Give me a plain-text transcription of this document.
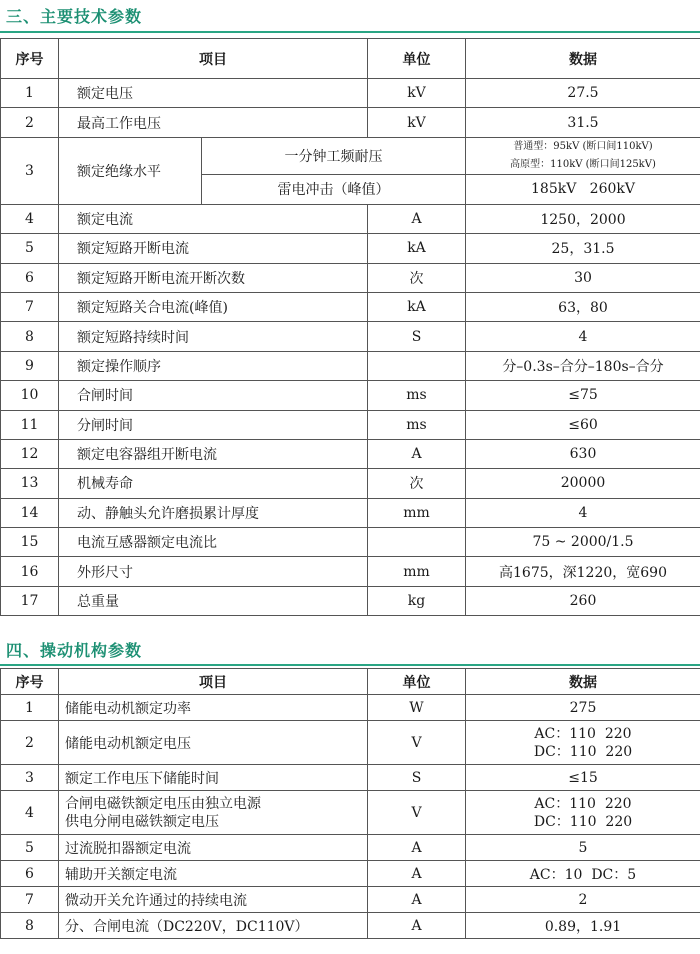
三、主要技术参数
序号	项目		单位	数据
1	额定电压		kV	27.5
2	最高工作电压		kV	31.5
3	额定绝缘水平	一分钟工频耐压		普通型：95kV (断口间110kV)
高原型：110kV (断口间125kV)

		雷电冲击（峰值）		185kV   260kV
4	额定电流		A	1250，2000
5	额定短路开断电流		kA	25，31.5
6	额定短路开断电流开断次数		次	30
7	额定短路关合电流(峰值)		kA	63，80
8	额定短路持续时间		S	4
9	额定操作顺序			分–0.3s–合分–180s–合分
10	合闸时间		ms	≤75
11	分闸时间		ms	≤60
12	额定电容器组开断电流		A	630
13	机械寿命		次	20000
14	动、静触头允许磨损累计厚度		mm	4
15	电流互感器额定电流比			75 ~ 2000/1.5
16	外形尺寸		mm	高1675，深1220，宽690
17	总重量		kg	260
四、操动机构参数
序号	项目	单位	数据
1	储能电动机额定功率	W	275
2	储能电动机额定电压	V	AC：110  220
DC：110  220

3	额定工作电压下储能时间	S	≤15
4	合闸电磁铁额定电压由独立电源
供电分闸电磁铁额定电压	V	AC：110  220
DC：110  220

5	过流脱扣器额定电流	A	5
6	辅助开关额定电流	A	AC：10  DC：5
7	微动开关允许通过的持续电流	A	2
8	分、合闸电流（DC220V，DC110V）	A	0.89，1.91
